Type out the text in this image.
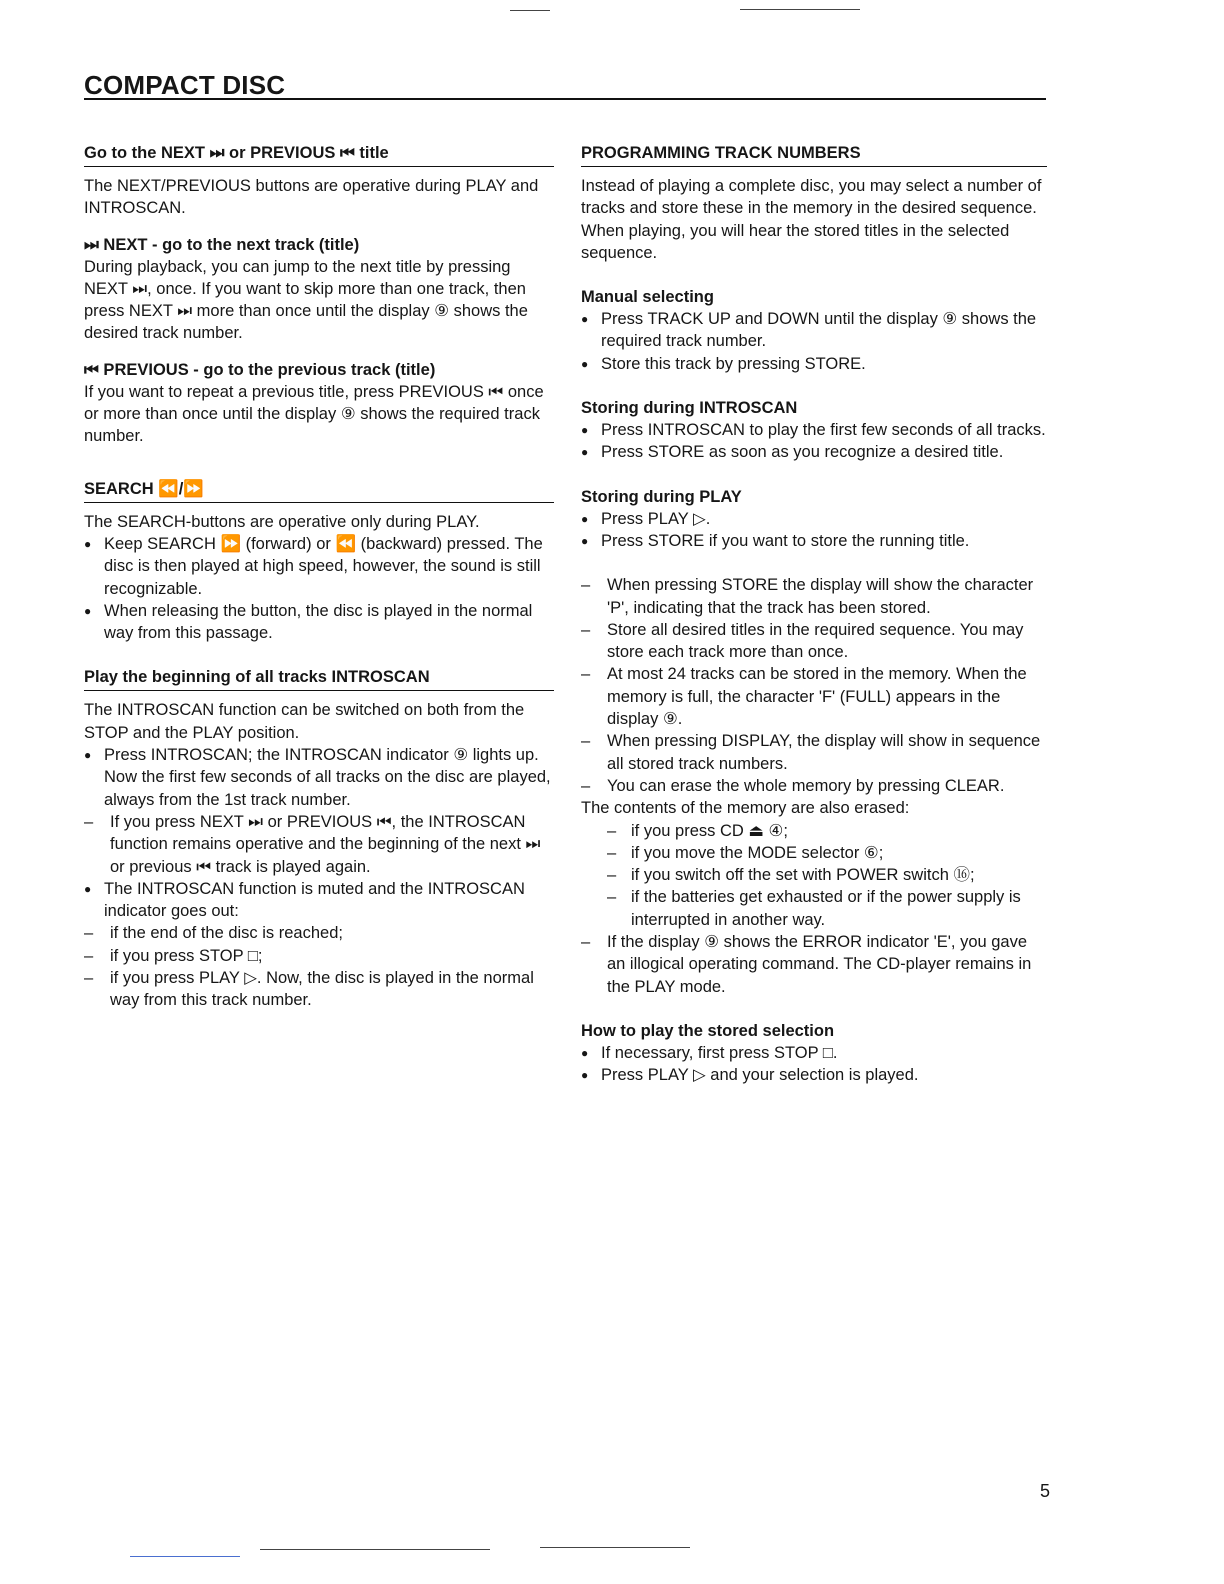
COMPACT DISC
Go to the NEXT ⏭ or PREVIOUS ⏮ title

The NEXT/PREVIOUS buttons are operative during PLAY and INTROSCAN.

⏭ NEXT - go to the next track (title)

During playback, you can jump to the next title by pressing NEXT ⏭, once. If you want to skip more than one track, then press NEXT ⏭ more than once until the display ⑨ shows the desired track number.

⏮ PREVIOUS - go to the previous track (title)

If you want to repeat a previous title, press PREVIOUS ⏮ once or more than once until the display ⑨ shows the required track number.

SEARCH ⏪/⏩

The SEARCH-buttons are operative only during PLAY.

● Keep SEARCH ⏩ (forward) or ⏪ (backward) pressed. The disc is then played at high speed, however, the sound is still recognizable.
● When releasing the button, the disc is played in the normal way from this passage.
Play the beginning of all tracks INTROSCAN

The INTROSCAN function can be switched on both from the STOP and the PLAY position.

● Press INTROSCAN; the INTROSCAN indicator ⑨ lights up. Now the first few seconds of all tracks on the disc are played, always from the 1st track number.
– If you press NEXT ⏭ or PREVIOUS ⏮, the INTROSCAN function remains operative and the beginning of the next ⏭ or previous ⏮ track is played again.
● The INTROSCAN function is muted and the INTROSCAN indicator goes out:
– if the end of the disc is reached;
– if you press STOP □;
– if you press PLAY ▷. Now, the disc is played in the normal way from this track number.
PROGRAMMING TRACK NUMBERS

Instead of playing a complete disc, you may select a number of tracks and store these in the memory in the desired sequence. When playing, you will hear the stored titles in the selected sequence.

Manual selecting
● Press TRACK UP and DOWN until the display ⑨ shows the required track number.
● Store this track by pressing STORE.
Storing during INTROSCAN
● Press INTROSCAN to play the first few seconds of all tracks.
● Press STORE as soon as you recognize a desired title.
Storing during PLAY
● Press PLAY ▷.
● Press STORE if you want to store the running title.
– When pressing STORE the display will show the character 'P', indicating that the track has been stored.
– Store all desired titles in the required sequence. You may store each track more than once.
– At most 24 tracks can be stored in the memory. When the memory is full, the character 'F' (FULL) appears in the display ⑨.
– When pressing DISPLAY, the display will show in sequence all stored track numbers.
– You can erase the whole memory by pressing CLEAR.

The contents of the memory are also erased:

– if you press CD ⏏ ④;
– if you move the MODE selector ⑥;
– if you switch off the set with POWER switch ⑯;
– if the batteries get exhausted or if the power supply is interrupted in another way.
– If the display ⑨ shows the ERROR indicator 'E', you gave an illogical operating command. The CD-player remains in the PLAY mode.
How to play the stored selection
● If necessary, first press STOP □.
● Press PLAY ▷ and your selection is played.
5
